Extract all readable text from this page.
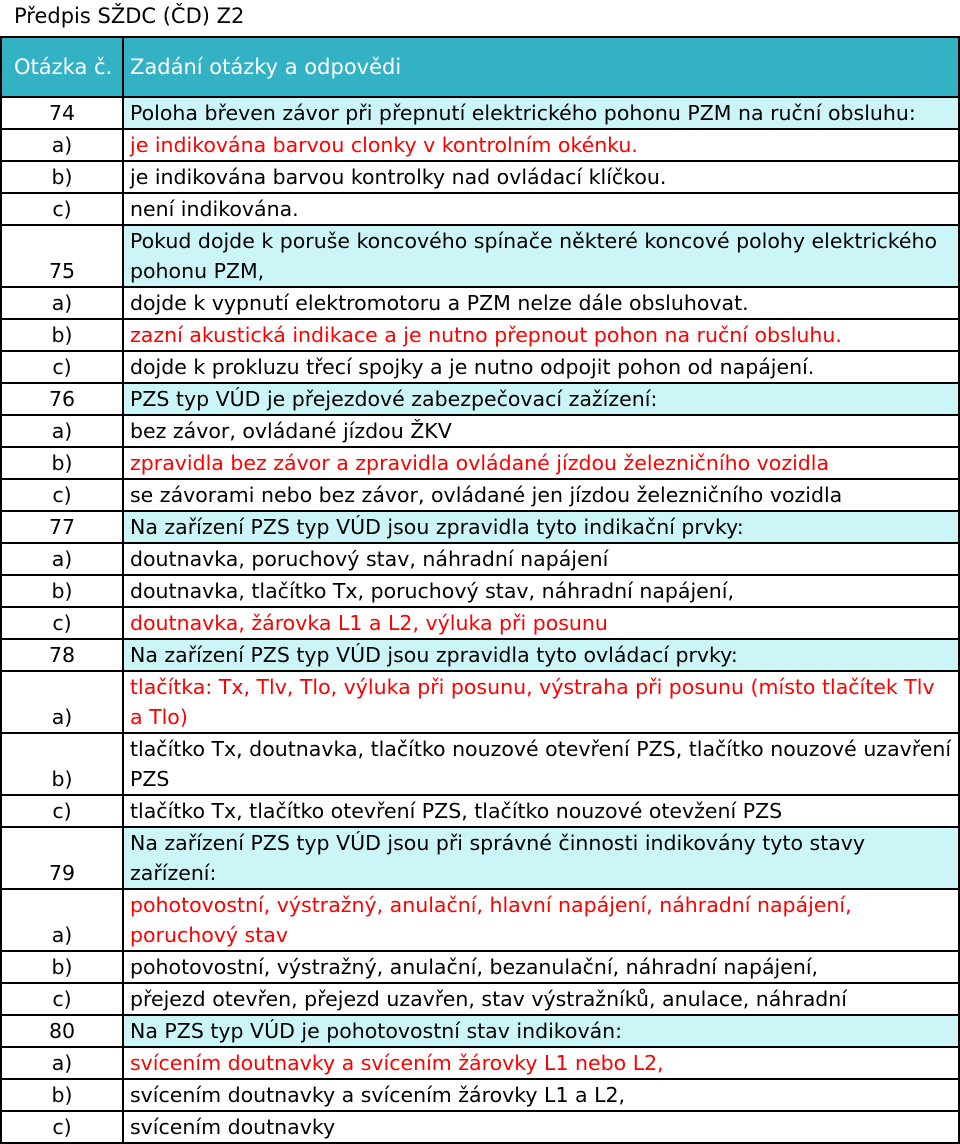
Předpis SŽDC (ČD) Z2
Otázka č.	Zadání otázky a odpovědi
74	Poloha břeven závor při přepnutí elektrického pohonu PZM na ruční obsluhu:
a)	je indikována barvou clonky v kontrolním okénku.
b)	je indikována barvou kontrolky nad ovládací klíčkou.
c)	není indikována.
75	Pokud dojde k poruše koncového spínače některé koncové polohy elektrického pohonu PZM,
a)	dojde k vypnutí elektromotoru a PZM nelze dále obsluhovat.
b)	zazní akustická indikace a je nutno přepnout pohon na ruční obsluhu.
c)	dojde k prokluzu třecí spojky a je nutno odpojit pohon od napájení.
76	PZS typ VÚD je přejezdové zabezpečovací zažízení:
a)	bez závor, ovládané jízdou ŽKV
b)	zpravidla bez závor a zpravidla ovládané jízdou železničního vozidla
c)	se závorami nebo bez závor, ovládané jen jízdou železničního vozidla
77	Na zařízení PZS typ VÚD jsou zpravidla tyto indikační prvky:
a)	doutnavka, poruchový stav, náhradní napájení
b)	doutnavka, tlačítko Tx, poruchový stav, náhradní napájení,
c)	doutnavka, žárovka L1 a L2, výluka při posunu
78	Na zařízení PZS typ VÚD jsou zpravidla tyto ovládací prvky:
a)	tlačítka: Tx, Tlv, Tlo, výluka při posunu, výstraha při posunu (místo tlačítek Tlv a Tlo)
b)	tlačítko Tx, doutnavka, tlačítko nouzové otevření PZS, tlačítko nouzové uzavření PZS
c)	tlačítko Tx, tlačítko otevření PZS, tlačítko nouzové otevžení PZS
79	Na zařízení PZS typ VÚD jsou při správné činnosti indikovány tyto stavy zařízení:
a)	pohotovostní, výstražný, anulační, hlavní napájení, náhradní napájení, poruchový stav
b)	pohotovostní, výstražný, anulační, bezanulační, náhradní napájení,
c)	přejezd otevřen, přejezd uzavřen, stav výstražníků, anulace, náhradní
80	Na PZS typ VÚD je pohotovostní stav indikován:
a)	svícením doutnavky a svícením žárovky L1 nebo L2,
b)	svícením doutnavky a svícením žárovky L1 a L2,
c)	svícením doutnavky
